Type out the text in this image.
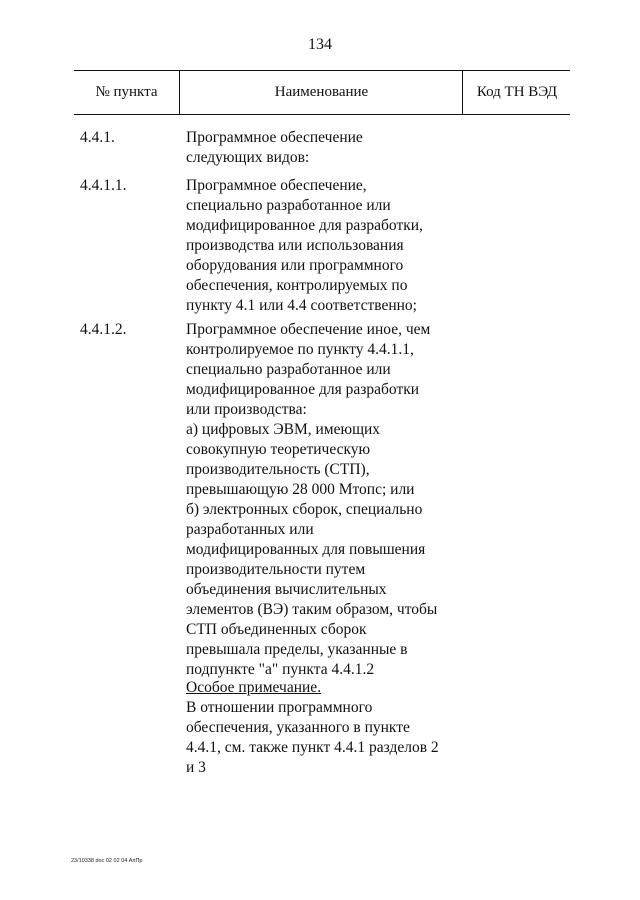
134
№ пункта	Наименование	Код ТН ВЭД
4.4.1.	Программное обеспечение
следующих видов:
4.4.1.1.	Программное обеспечение,
специально разработанное или
модифицированное для разработки,
производства или использования
оборудования или программного
обеспечения, контролируемых по
пункту 4.1 или 4.4 соответственно;
4.4.1.2.	Программное обеспечение иное, чем
контролируемое по пункту 4.4.1.1,
специально разработанное или
модифицированное для разработки
или производства:
а) цифровых ЭВМ, имеющих
совокупную теоретическую
производительность (СТП),
превышающую 28 000 Мтопс; или
б) электронных сборок, специально
разработанных или
модифицированных для повышения
производительности путем
объединения вычислительных
элементов (ВЭ) таким образом, чтобы
СТП объединенных сборок
превышала пределы, указанные в
подпункте "а" пункта 4.4.1.2
Особое примечание.
В отношении программного
обеспечения, указанного в пункте
4.4.1, см. также пункт 4.4.1 разделов 2
и 3
23/10338 doc 02 02 04 АпПр
